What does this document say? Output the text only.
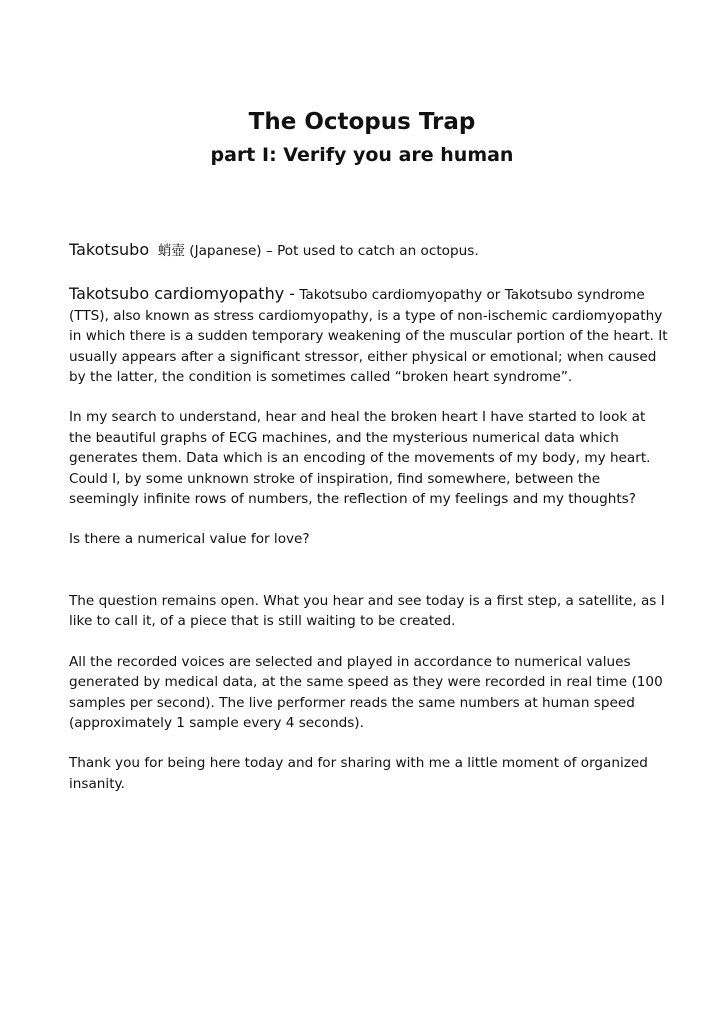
The Octopus Trap
part I: Verify you are human

Takotsubo 蛸壺 (Japanese) – Pot used to catch an octopus.

Takotsubo cardiomyopathy - Takotsubo cardiomyopathy or Takotsubo syndrome (TTS), also known as stress cardiomyopathy, is a type of non-ischemic cardiomyopathy in which there is a sudden temporary weakening of the muscular portion of the heart. It usually appears after a significant stressor, either physical or emotional; when caused by the latter, the condition is sometimes called “broken heart syndrome”.

In my search to understand, hear and heal the broken heart I have started to look at the beautiful graphs of ECG machines, and the mysterious numerical data which generates them. Data which is an encoding of the movements of my body, my heart. Could I, by some unknown stroke of inspiration, find somewhere, between the seemingly infinite rows of numbers, the reflection of my feelings and my thoughts?

Is there a numerical value for love?

The question remains open. What you hear and see today is a first step, a satellite, as I like to call it, of a piece that is still waiting to be created.

All the recorded voices are selected and played in accordance to numerical values generated by medical data, at the same speed as they were recorded in real time (100 samples per second). The live performer reads the same numbers at human speed (approximately 1 sample every 4 seconds).

Thank you for being here today and for sharing with me a little moment of organized insanity.
